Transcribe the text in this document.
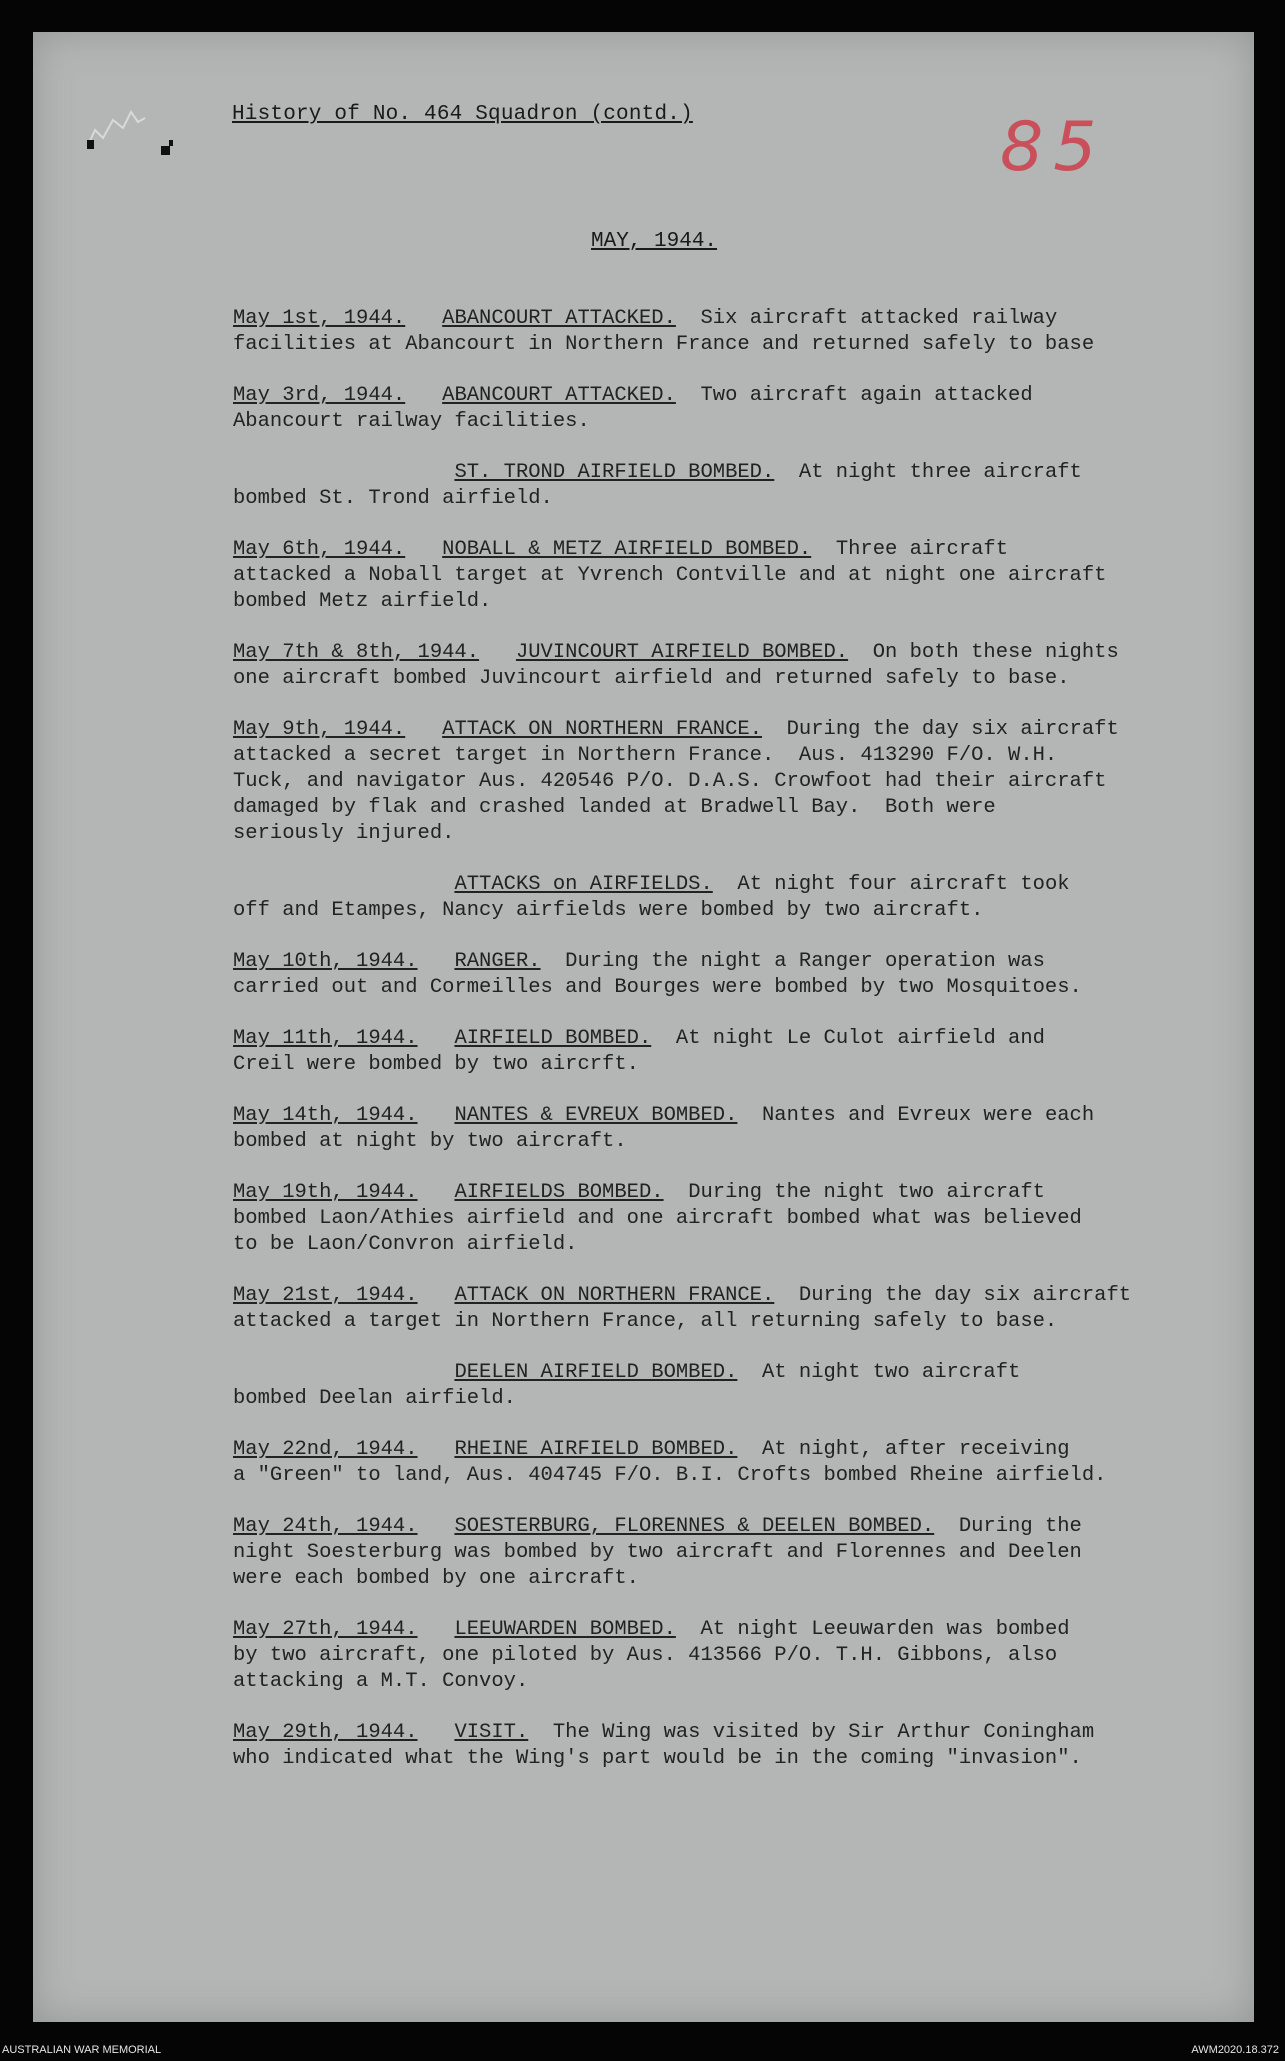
History of No. 464 Squadron (contd.)	85
MAY, 1944.
May 1st, 1944. ABANCOURT ATTACKED. Six aircraft attacked railway
facilities at Abancourt in Northern France and returned safely to base
May 3rd, 1944. ABANCOURT ATTACKED. Two aircraft again attacked
Abancourt railway facilities.
ST. TROND AIRFIELD BOMBED. At night three aircraft
bombed St. Trond airfield.
May 6th, 1944. NOBALL & METZ AIRFIELD BOMBED. Three aircraft
attacked a Noball target at Yvrench Contville and at night one aircraft
bombed Metz airfield.
May 7th & 8th, 1944. JUVINCOURT AIRFIELD BOMBED. On both these nights
one aircraft bombed Juvincourt airfield and returned safely to base.
May 9th, 1944. ATTACK ON NORTHERN FRANCE. During the day six aircraft
attacked a secret target in Northern France.  Aus. 413290 F/O. W.H.
Tuck, and navigator Aus. 420546 P/O. D.A.S. Crowfoot had their aircraft
damaged by flak and crashed landed at Bradwell Bay.  Both were
seriously injured.
ATTACKS on AIRFIELDS. At night four aircraft took
off and Etampes, Nancy airfields were bombed by two aircraft.
May 10th, 1944. RANGER. During the night a Ranger operation was
carried out and Cormeilles and Bourges were bombed by two Mosquitoes.
May 11th, 1944. AIRFIELD BOMBED. At night Le Culot airfield and
Creil were bombed by two aircrft.
May 14th, 1944. NANTES & EVREUX BOMBED. Nantes and Evreux were each
bombed at night by two aircraft.
May 19th, 1944. AIRFIELDS BOMBED. During the night two aircraft
bombed Laon/Athies airfield and one aircraft bombed what was believed
to be Laon/Convron airfield.
May 21st, 1944. ATTACK ON NORTHERN FRANCE. During the day six aircraft
attacked a target in Northern France, all returning safely to base.
DEELEN AIRFIELD BOMBED. At night two aircraft
bombed Deelan airfield.
May 22nd, 1944. RHEINE AIRFIELD BOMBED. At night, after receiving
a "Green" to land, Aus. 404745 F/O. B.I. Crofts bombed Rheine airfield.
May 24th, 1944. SOESTERBURG, FLORENNES & DEELEN BOMBED. During the
night Soesterburg was bombed by two aircraft and Florennes and Deelen
were each bombed by one aircraft.
May 27th, 1944. LEEUWARDEN BOMBED. At night Leeuwarden was bombed
by two aircraft, one piloted by Aus. 413566 P/O. T.H. Gibbons, also
attacking a M.T. Convoy.
May 29th, 1944. VISIT. The Wing was visited by Sir Arthur Coningham
who indicated what the Wing's part would be in the coming "invasion".
AUSTRALIAN WAR MEMORIAL	AWM2020.18.372
